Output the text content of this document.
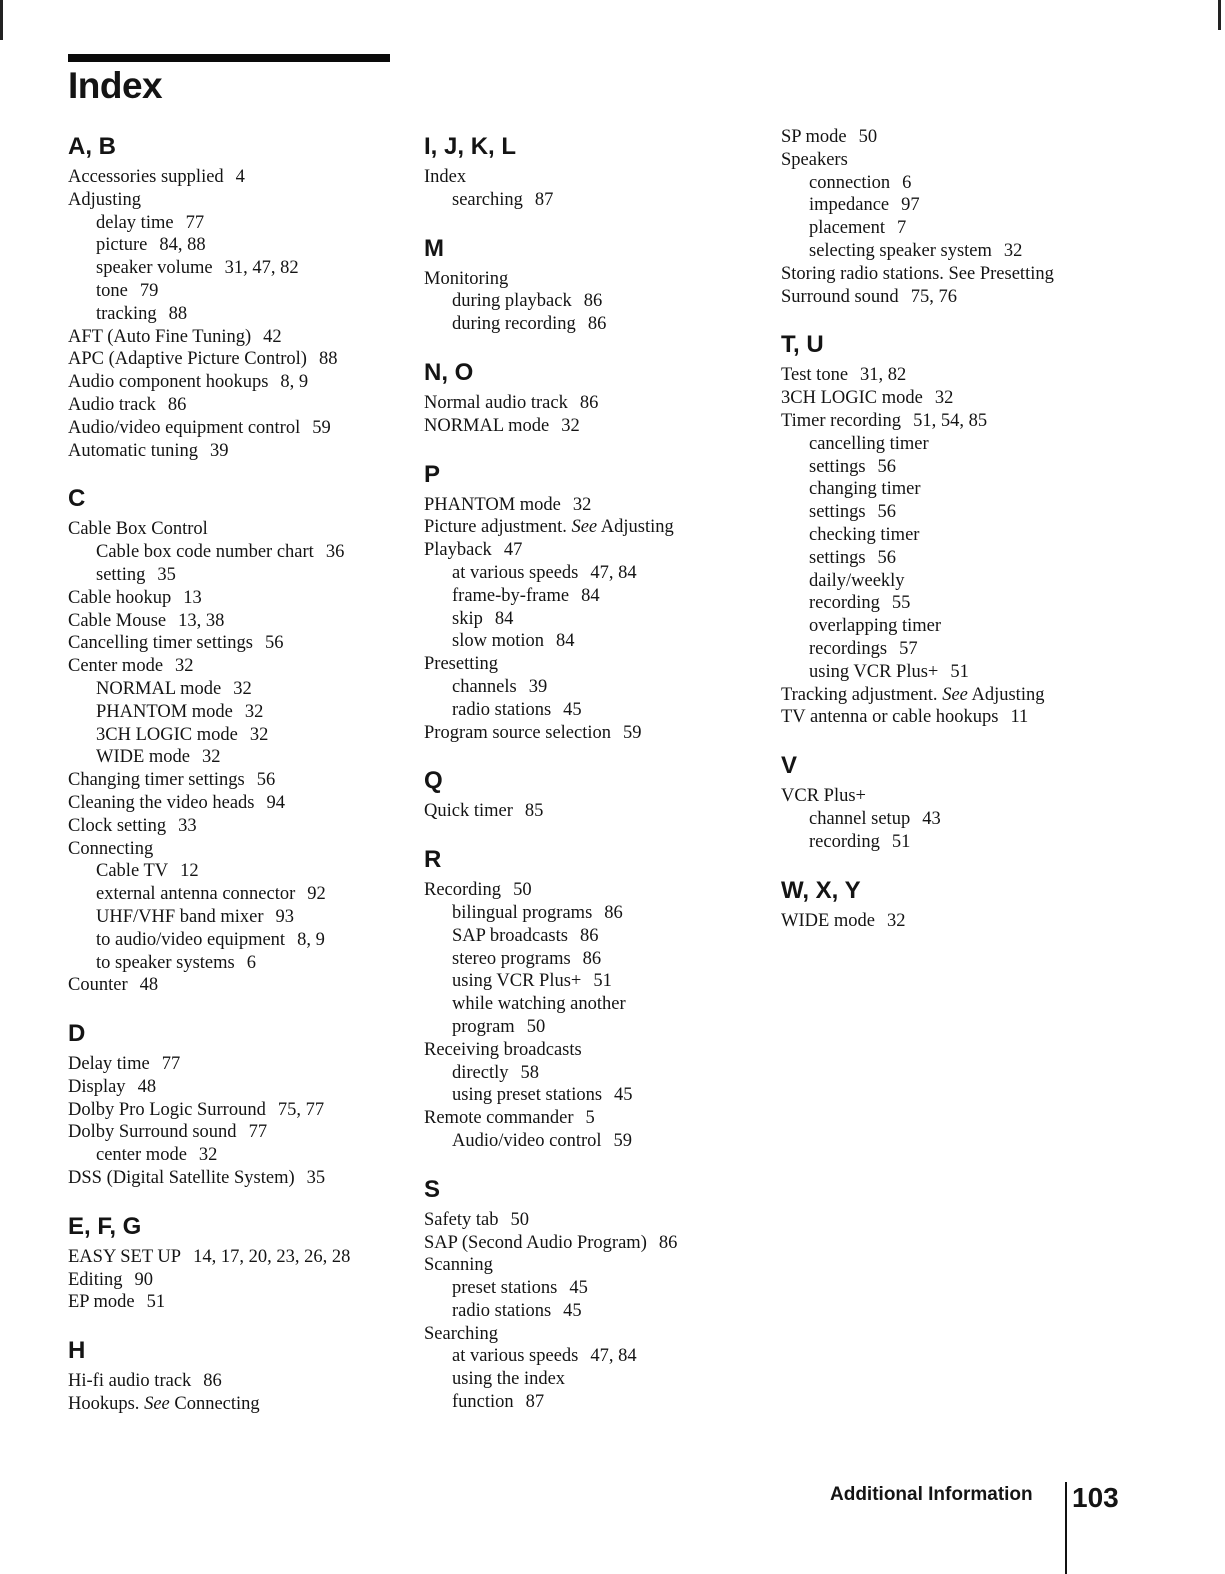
Index
A, B
Accessories supplied 4
Adjusting
delay time 77
picture 84, 88
speaker volume 31, 47, 82
tone 79
tracking 88
AFT (Auto Fine Tuning) 42
APC (Adaptive Picture Control) 88
Audio component hookups 8, 9
Audio track 86
Audio/video equipment control 59
Automatic tuning 39
C
Cable Box Control
Cable box code number chart 36
setting 35
Cable hookup 13
Cable Mouse 13, 38
Cancelling timer settings 56
Center mode 32
NORMAL mode 32
PHANTOM mode 32
3CH LOGIC mode 32
WIDE mode 32
Changing timer settings 56
Cleaning the video heads 94
Clock setting 33
Connecting
Cable TV 12
external antenna connector 92
UHF/VHF band mixer 93
to audio/video equipment 8, 9
to speaker systems 6
Counter 48
D
Delay time 77
Display 48
Dolby Pro Logic Surround 75, 77
Dolby Surround sound 77
center mode 32
DSS (Digital Satellite System) 35
E, F, G
EASY SET UP 14, 17, 20, 23, 26, 28
Editing 90
EP mode 51
H
Hi-fi audio track 86
Hookups. See Connecting
I, J, K, L
Index
searching 87
M
Monitoring
during playback 86
during recording 86
N, O
Normal audio track 86
NORMAL mode 32
P
PHANTOM mode 32
Picture adjustment. See Adjusting
Playback 47
at various speeds 47, 84
frame-by-frame 84
skip 84
slow motion 84
Presetting
channels 39
radio stations 45
Program source selection 59
Q
Quick timer 85
R
Recording 50
bilingual programs 86
SAP broadcasts 86
stereo programs 86
using VCR Plus+ 51
while watching another
program 50
Receiving broadcasts
directly 58
using preset stations 45
Remote commander 5
Audio/video control 59
S
Safety tab 50
SAP (Second Audio Program) 86
Scanning
preset stations 45
radio stations 45
Searching
at various speeds 47, 84
using the index
function 87
SP mode 50
Speakers
connection 6
impedance 97
placement 7
selecting speaker system 32
Storing radio stations. See Presetting
Surround sound 75, 76
T, U
Test tone 31, 82
3CH LOGIC mode 32
Timer recording 51, 54, 85
cancelling timer
settings 56
changing timer
settings 56
checking timer
settings 56
daily/weekly
recording 55
overlapping timer
recordings 57
using VCR Plus+ 51
Tracking adjustment. See Adjusting
TV antenna or cable hookups 11
V
VCR Plus+
channel setup 43
recording 51
W, X, Y
WIDE mode 32
Additional Information 103
